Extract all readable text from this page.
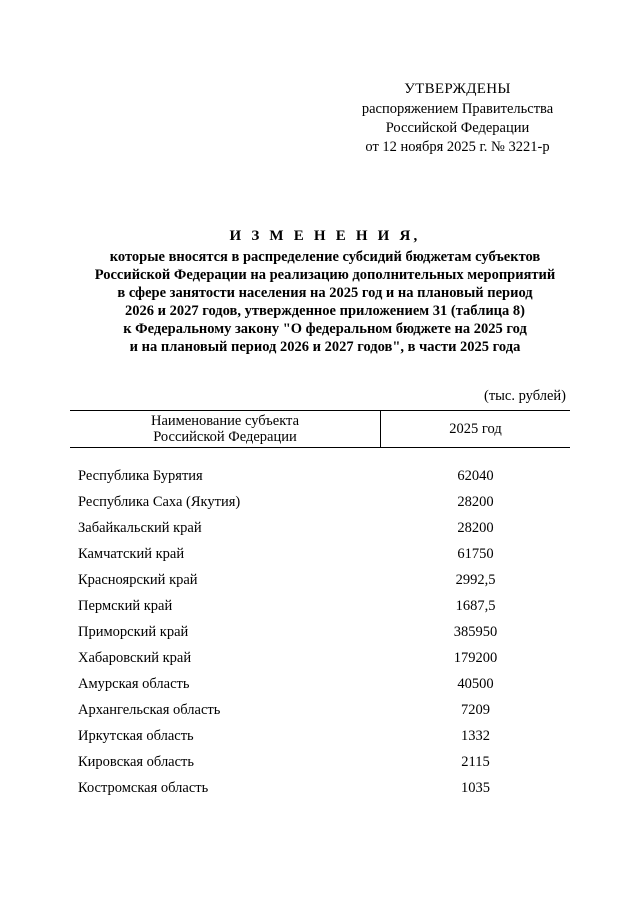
УТВЕРЖДЕНЫ
распоряжением Правительства
Российской Федерации
от 12 ноября 2025 г. № 3221-р
И З М Е Н Е Н И Я,
которые вносятся в распределение субсидий бюджетам субъектов
Российской Федерации на реализацию дополнительных мероприятий
в сфере занятости населения на 2025 год и на плановый период
2026 и 2027 годов, утвержденное приложением 31 (таблица 8)
к Федеральному закону "О федеральном бюджете на 2025 год
и на плановый период 2026 и 2027 годов", в части 2025 года
(тыс. рублей)
Наименование субъекта
Российской Федерации	2025 год
Республика Бурятия	62040
Республика Саха (Якутия)	28200
Забайкальский край	28200
Камчатский край	61750
Красноярский край	2992,5
Пермский край	1687,5
Приморский край	385950
Хабаровский край	179200
Амурская область	40500
Архангельская область	7209
Иркутская область	1332
Кировская область	2115
Костромская область	1035
